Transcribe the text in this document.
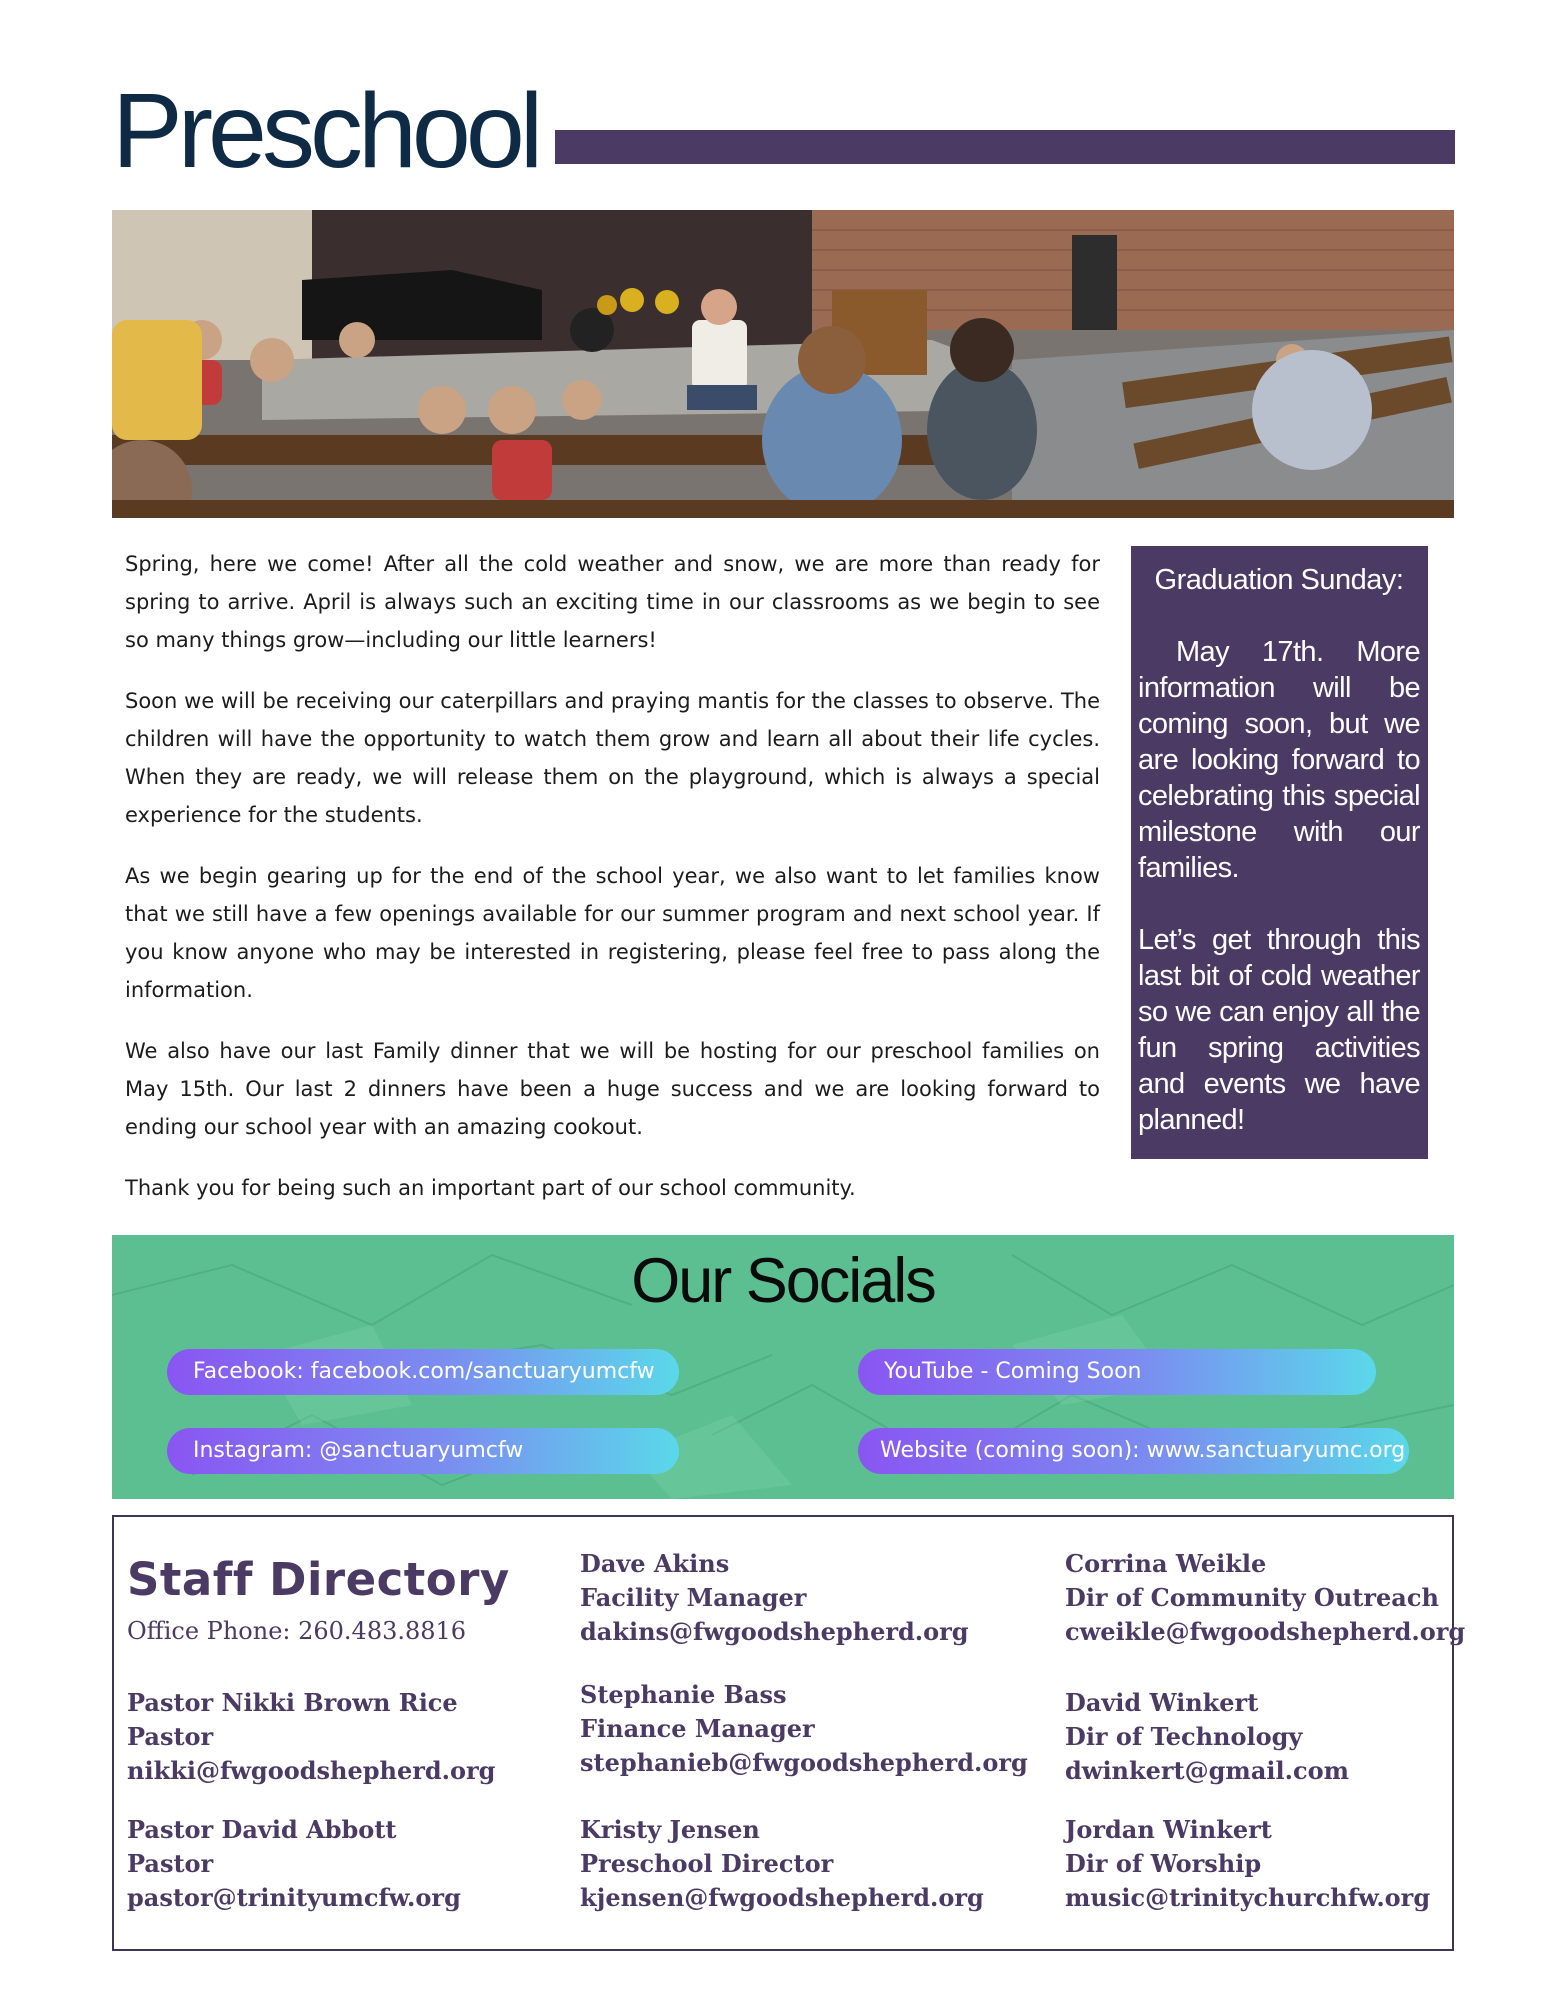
Preschool

Spring, here we come! After all the cold weather and snow, we are more than ready for spring to arrive. April is always such an exciting time in our classrooms as we begin to see so many things grow—including our little learners!

Soon we will be receiving our caterpillars and praying mantis for the classes to observe. The children will have the opportunity to watch them grow and learn all about their life cycles. When they are ready, we will release them on the playground, which is always a special experience for the students.

As we begin gearing up for the end of the school year, we also want to let families know that we still have a few openings available for our summer program and next school year. If you know anyone who may be interested in registering, please feel free to pass along the information.

We also have our last Family dinner that we will be hosting for our preschool families on May 15th. Our last 2 dinners have been a huge success and we are looking forward to ending our school year with an amazing cookout.

Thank you for being such an important part of our school community.

Graduation Sunday:
May 17th. More information will be coming soon, but we are looking forward to celebrating this special milestone with our families.
Let’s get through this last bit of cold weather so we can enjoy all the fun spring activities and events we have planned!
Our Socials
Facebook: facebook.com/sanctuaryumcfw	YouTube - Coming Soon
Instagram: @sanctuaryumcfw	Website (coming soon): www.sanctuaryumc.org
Staff Directory
Office Phone: 260.483.8816
Pastor Nikki Brown Rice
Pastor
nikki@fwgoodshepherd.org
Pastor David Abbott
Pastor
pastor@trinityumcfw.org
Dave Akins
Facility Manager
dakins@fwgoodshepherd.org
Stephanie Bass
Finance Manager
stephanieb@fwgoodshepherd.org
Kristy Jensen
Preschool Director
kjensen@fwgoodshepherd.org
Corrina Weikle
Dir of Community Outreach
cweikle@fwgoodshepherd.org
David Winkert
Dir of Technology
dwinkert@gmail.com
Jordan Winkert
Dir of Worship
music@trinitychurchfw.org
